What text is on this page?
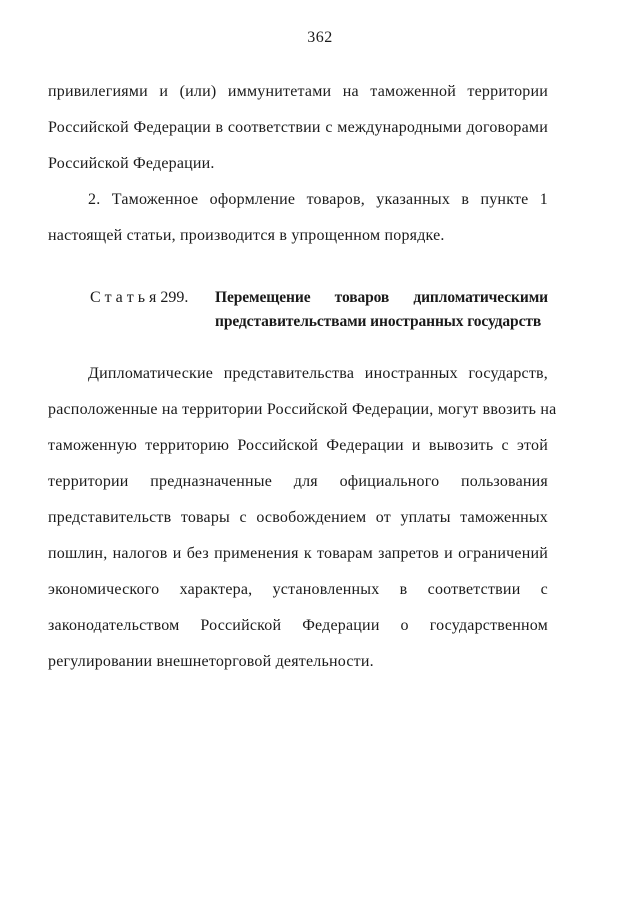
362
привилегиями и (или) иммунитетами на таможенной территории
Российской Федерации в соответствии с международными договорами
Российской Федерации.
2. Таможенное оформление товаров, указанных в пункте 1
настоящей статьи, производится в упрощенном порядке.
С т а т ь я 299.	Перемещение товаров дипломатическими
представительствами иностранных государств
Дипломатические представительства иностранных государств,
расположенные на территории Российской Федерации, могут ввозить на
таможенную территорию Российской Федерации и вывозить с этой
территории предназначенные для официального пользования
представительств товары с освобождением от уплаты таможенных
пошлин, налогов и без применения к товарам запретов и ограничений
экономического характера, установленных в соответствии с
законодательством Российской Федерации о государственном
регулировании внешнеторговой деятельности.
